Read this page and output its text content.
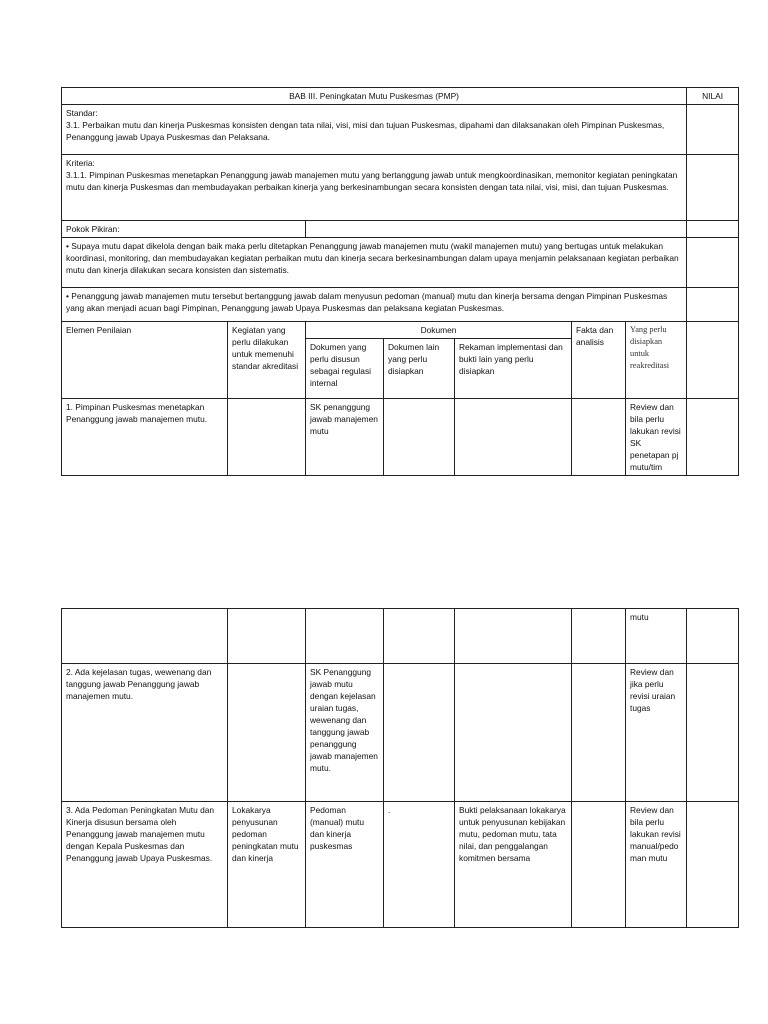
BAB III. Peningkatan Mutu Puskesmas (PMP)							NILAI

Standar:

3.1. Perbaikan mutu dan kinerja Puskesmas konsisten dengan tata nilai, visi, misi dan tujuan Puskesmas, dipahami dan dilaksanakan oleh Pimpinan Puskesmas, Penanggung jawab Upaya Puskesmas dan Pelaksana.							

Kriteria:

3.1.1. Pimpinan Puskesmas menetapkan Penanggung jawab manajemen mutu yang bertanggung jawab untuk mengkoordinasikan, memonitor kegiatan peningkatan mutu dan kinerja Puskesmas dan membudayakan perbaikan kinerja yang berkesinambungan secara konsisten dengan tata nilai, visi, misi, dan tujuan Puskesmas.							

Pokok Pikiran:							
• Supaya mutu dapat dikelola dengan baik maka perlu ditetapkan Penanggung jawab manajemen mutu (wakil manajemen mutu) yang bertugas untuk melakukan koordinasi, monitoring, dan membudayakan kegiatan perbaikan mutu dan kinerja secara berkesinambungan dalam upaya menjamin pelaksanaan kegiatan perbaikan mutu dan kinerja dilakukan secara konsisten dan sistematis.							
• Penanggung jawab manajemen mutu tersebut bertanggung jawab dalam menyusun pedoman (manual) mutu dan kinerja bersama dengan Pimpinan Puskesmas yang akan menjadi acuan bagi Pimpinan, Penanggung jawab Upaya Puskesmas dan pelaksana kegiatan Puskesmas.							
Elemen Penilaian	Kegiatan yang perlu dilakukan untuk memenuhi standar akreditasi	Dokumen			Fakta dan analisis	Yang perlu disiapkan untuk reakreditasi	
		Dokumen yang perlu disusun sebagai regulasi internal	Dokumen lain yang perlu disiapkan	Rekaman implementasi dan bukti lain yang perlu disiapkan			
1. Pimpinan Puskesmas menetapkan Penanggung jawab manajemen mutu.		SK penanggung jawab manajemen mutu				Review dan bila perlu lakukan revisi SK penetapan pj mutu/tim	
						mutu	
2. Ada kejelasan tugas, wewenang dan tanggung jawab Penanggung jawab manajemen mutu.		SK Penanggung jawab mutu dengan kejelasan uraian tugas, wewenang dan tanggung jawab penanggung jawab manajemen mutu.				Review dan jika perlu revisi uraian tugas	
3. Ada Pedoman Peningkatan Mutu dan Kinerja disusun bersama oleh Penanggung jawab manajemen mutu dengan Kepala Puskesmas dan Penanggung jawab Upaya Puskesmas.	Lokakarya penyusunan pedoman peningkatan mutu dan kinerja	Pedoman (manual) mutu dan kinerja puskesmas	.	Bukti pelaksanaan lokakarya untuk penyusunan kebijakan mutu, pedoman mutu, tata nilai, dan penggalangan komitmen bersama		Review dan bila perlu lakukan revisi manual/pedoman mutu	
